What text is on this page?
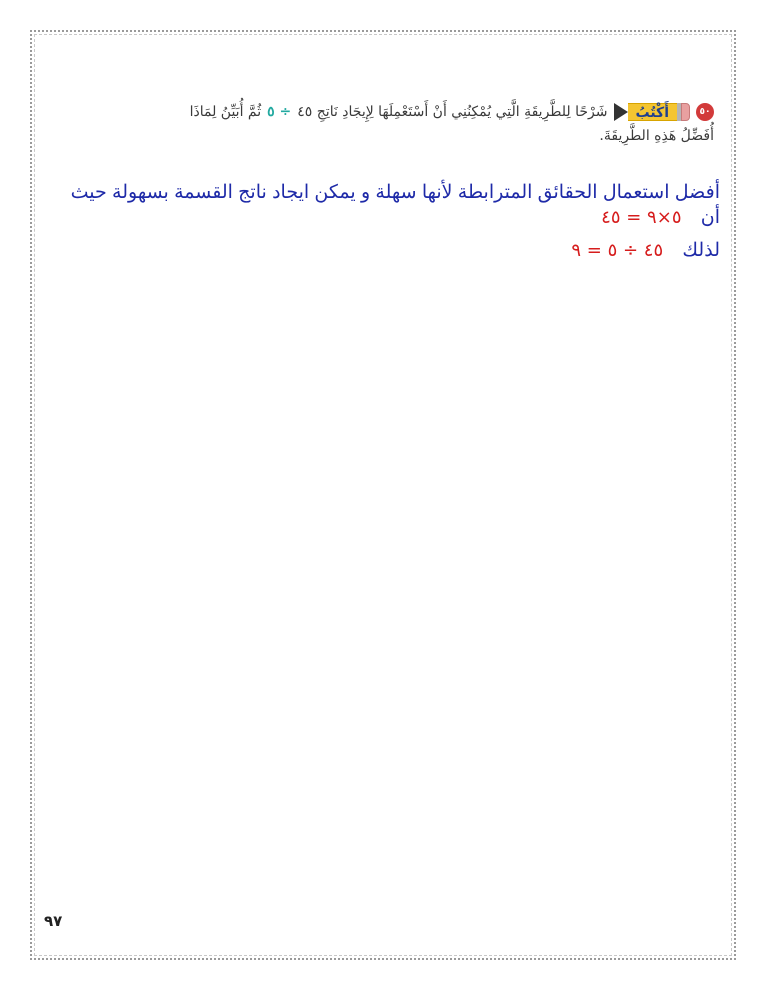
٥٠
أَكْتُبُ
شَرْحًا لِلطَّرِيقَةِ الَّتِي يُمْكِنُنِي أَنْ أَسْتَعْمِلَهَا لِإِيجَادِ نَاتِجِ ٤٥
÷ ٥
ثُمَّ أُبَيِّنُ لِمَاذَا
أُفَضِّلُ هَذِهِ الطَّرِيقَةَ.
أفضل استعمال الحقائق المترابطة لأنها سهلة و يمكن ايجاد ناتج القسمة بسهولة حيث
أن ٥×٩ = ٤٥
لذلك ٤٥ ÷ ٥ = ٩
٩٧
